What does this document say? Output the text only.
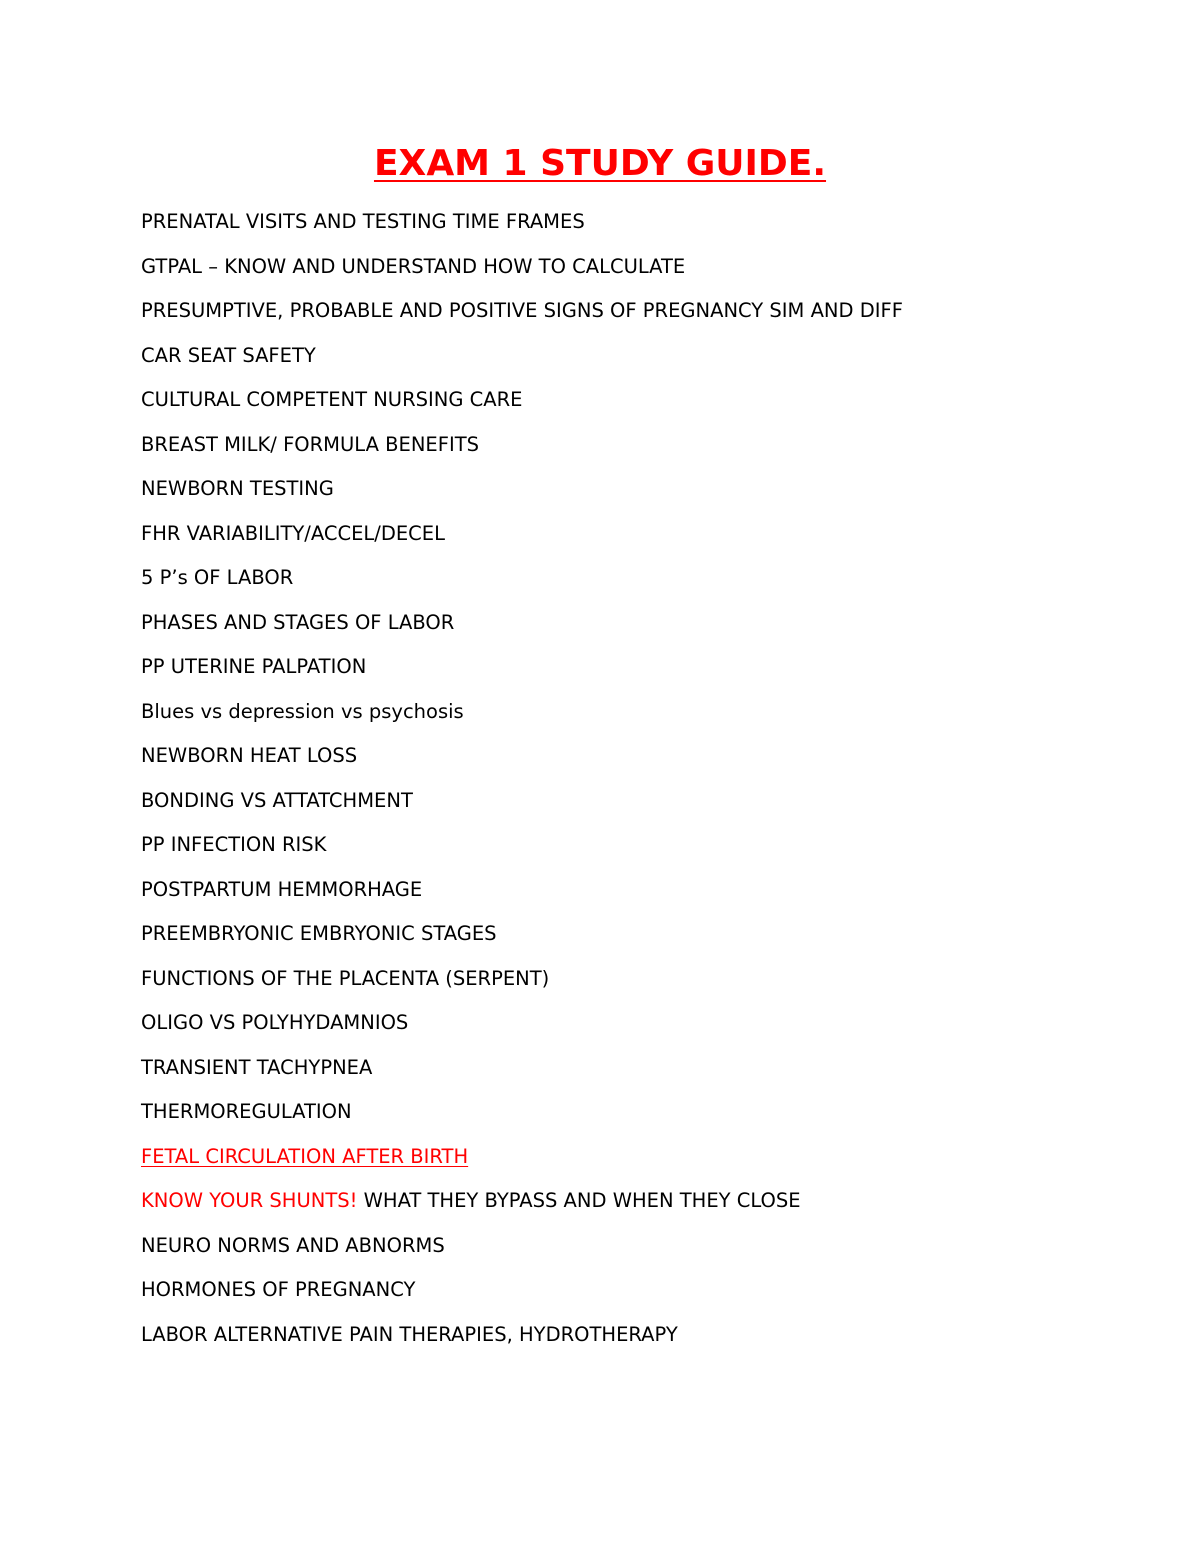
EXAM 1 STUDY GUIDE.
PRENATAL VISITS AND TESTING TIME FRAMES
GTPAL – KNOW AND UNDERSTAND HOW TO CALCULATE
PRESUMPTIVE, PROBABLE AND POSITIVE SIGNS OF PREGNANCY SIM AND DIFF
CAR SEAT SAFETY
CULTURAL COMPETENT NURSING CARE
BREAST MILK/ FORMULA BENEFITS
NEWBORN TESTING
FHR VARIABILITY/ACCEL/DECEL
5 P’s OF LABOR
PHASES AND STAGES OF LABOR
PP UTERINE PALPATION
Blues vs depression vs psychosis
NEWBORN HEAT LOSS
BONDING VS ATTATCHMENT
PP INFECTION RISK
POSTPARTUM HEMMORHAGE
PREEMBRYONIC EMBRYONIC STAGES
FUNCTIONS OF THE PLACENTA (SERPENT)
OLIGO VS POLYHYDAMNIOS
TRANSIENT TACHYPNEA
THERMOREGULATION
FETAL CIRCULATION AFTER BIRTH
KNOW YOUR SHUNTS! WHAT THEY BYPASS AND WHEN THEY CLOSE
NEURO NORMS AND ABNORMS
HORMONES OF PREGNANCY
LABOR ALTERNATIVE PAIN THERAPIES, HYDROTHERAPY
